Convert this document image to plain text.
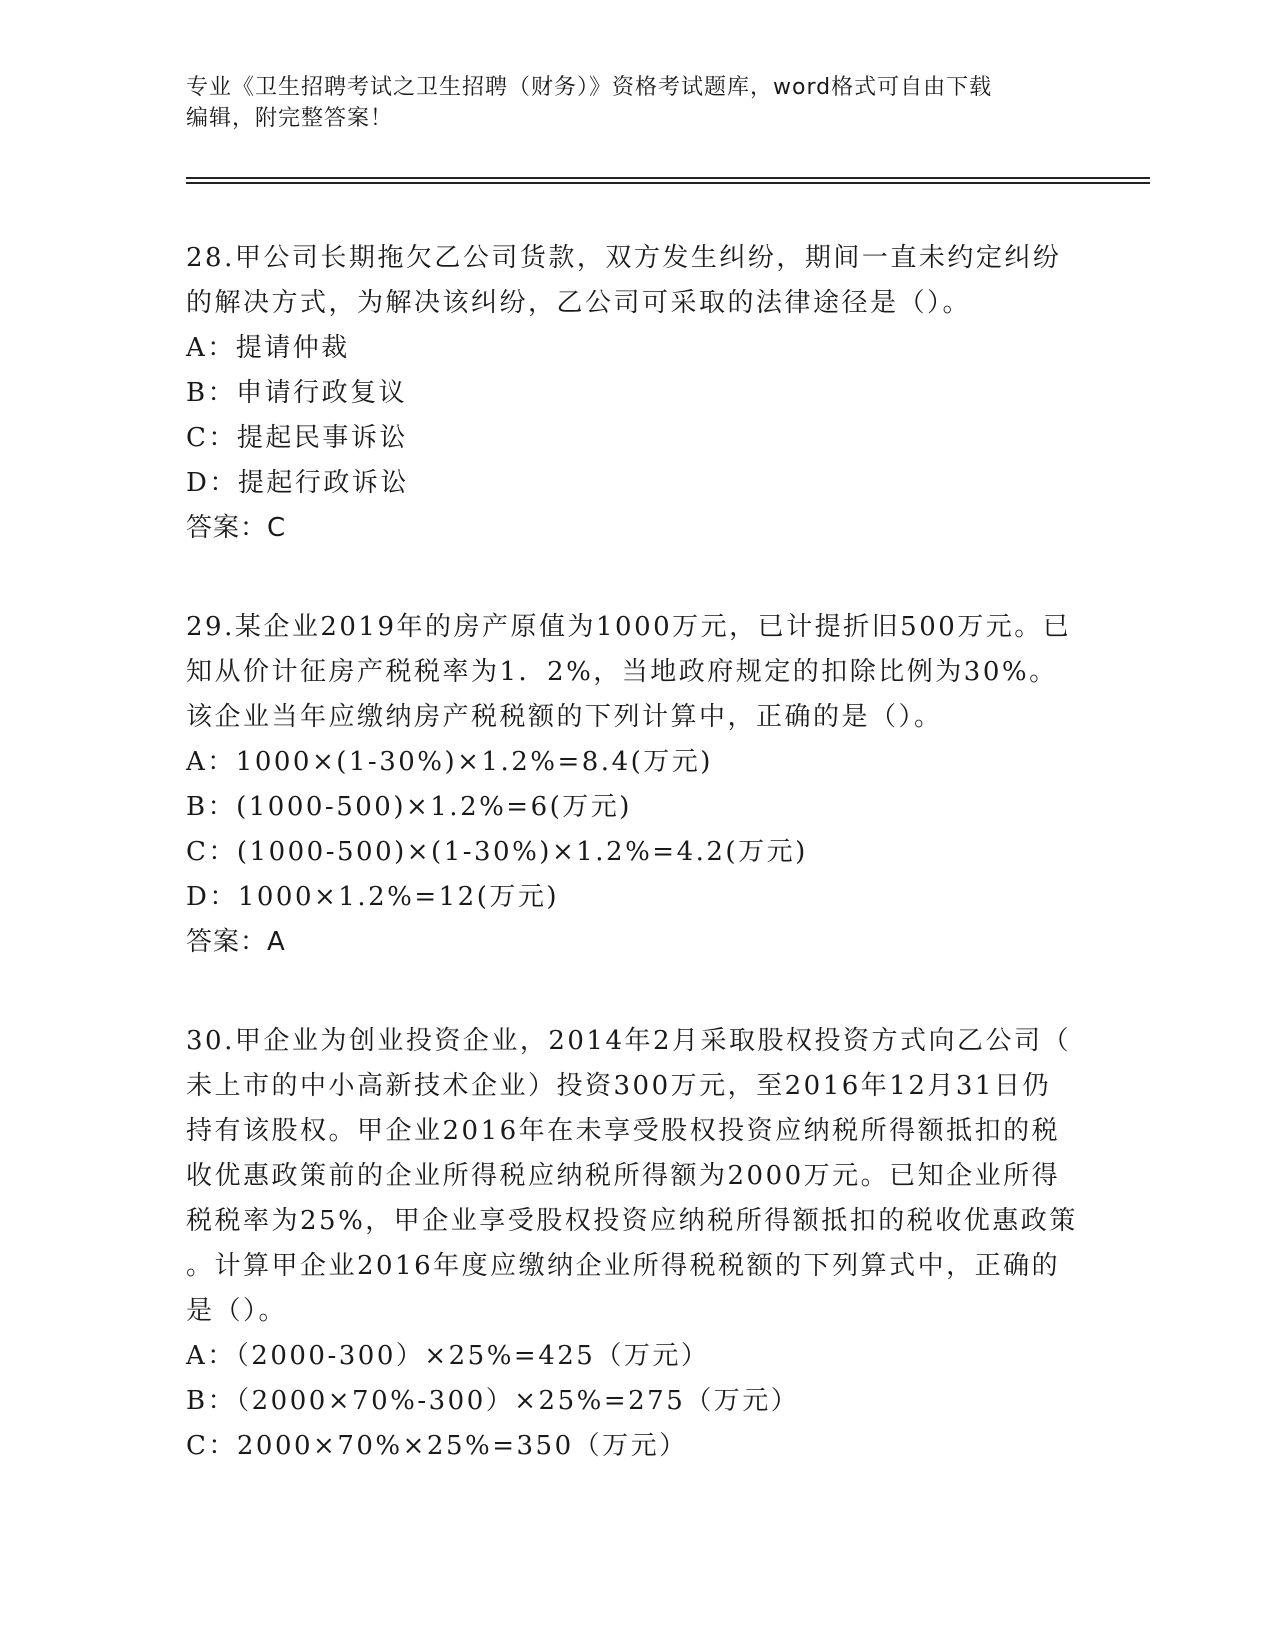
专业《卫生招聘考试之卫生招聘（财务）》资格考试题库，word格式可自由下载
编辑，附完整答案！

28.甲公司长期拖欠乙公司货款，双方发生纠纷，期间一直未约定纠纷

的解决方式，为解决该纠纷，乙公司可采取的法律途径是（）。

A：提请仲裁

B：申请行政复议

C：提起民事诉讼

D：提起行政诉讼

答案：C

29.某企业2019年的房产原值为1000万元，已计提折旧500万元。已

知从价计征房产税税率为1．2%，当地政府规定的扣除比例为30%。

该企业当年应缴纳房产税税额的下列计算中，正确的是（）。

A：1000×(1-30%)×1.2%=8.4(万元)

B：(1000-500)×1.2%=6(万元)

C：(1000-500)×(1-30%)×1.2%=4.2(万元)

D：1000×1.2%=12(万元)

答案：A

30.甲企业为创业投资企业，2014年2月采取股权投资方式向乙公司（

未上市的中小高新技术企业）投资300万元，至2016年12月31日仍

持有该股权。甲企业2016年在未享受股权投资应纳税所得额抵扣的税

收优惠政策前的企业所得税应纳税所得额为2000万元。已知企业所得

税税率为25%，甲企业享受股权投资应纳税所得额抵扣的税收优惠政策

。计算甲企业2016年度应缴纳企业所得税税额的下列算式中，正确的

是（）。

A：（2000-300）×25%=425（万元）

B：（2000×70%-300）×25%=275（万元）

C：2000×70%×25%=350（万元）
